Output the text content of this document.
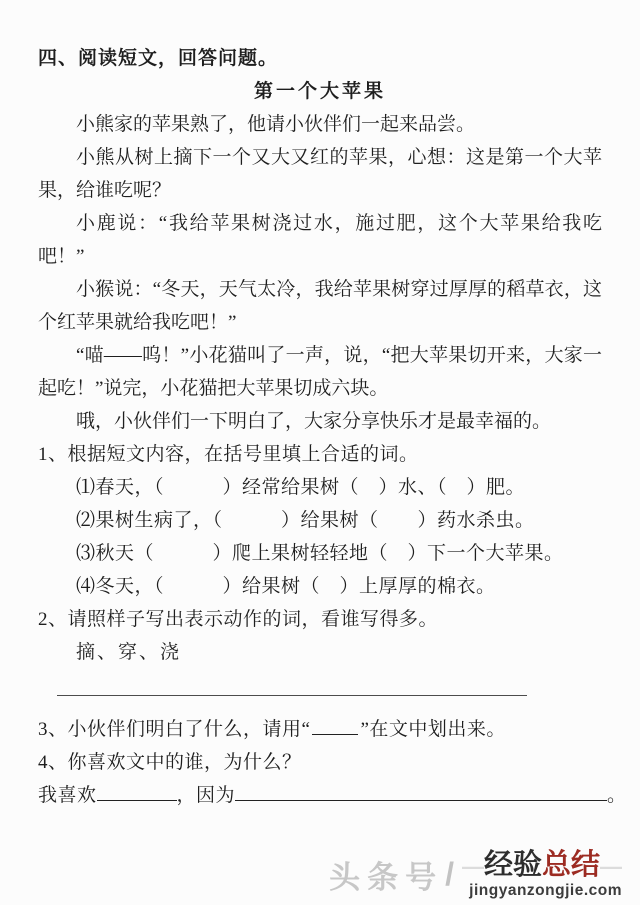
四、阅读短文，回答问题。
第一个大苹果

小熊家的苹果熟了，他请小伙伴们一起来品尝。

小熊从树上摘下一个又大又红的苹果，心想：这是第一个大苹果，给谁吃呢？

小鹿说：“我给苹果树浇过水，施过肥，这个大苹果给我吃吧！”

小猴说：“冬天，天气太冷，我给苹果树穿过厚厚的稻草衣，这个红苹果就给我吃吧！”

“喵——呜！”小花猫叫了一声，说，“把大苹果切开来，大家一起吃！”说完，小花猫把大苹果切成六块。

哦，小伙伴们一下明白了，大家分享快乐才是最幸福的。

1、根据短文内容，在括号里填上合适的词。
⑴春天，（　　　）经常给果树（　）水、（　）肥。
⑵果树生病了，（　　　）给果树（　　）药水杀虫。
⑶秋天（　　　）爬上果树轻轻地（　）下一个大苹果。
⑷冬天，（　　　）给果树（　）上厚厚的棉衣。
2、请照样子写出表示动作的词，看谁写得多。
摘、穿、浇
3、小伙伴们明白了什么，请用“	”在文中划出来。
4、你喜欢文中的谁，为什么？
我喜欢	，因为	。
头条号 / —经验总结—
jingyanzongjie.com
